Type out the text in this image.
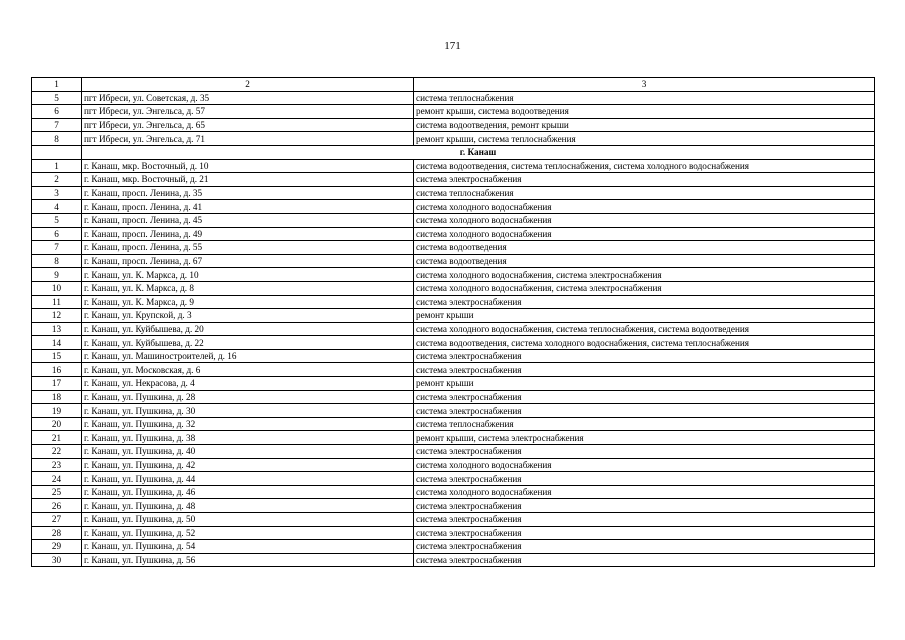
171
1	2	3
5	пгт Ибреси, ул. Советская, д. 35	система теплоснабжения
6	пгт Ибреси, ул. Энгельса, д. 57	ремонт крыши, система водоотведения
7	пгт Ибреси, ул. Энгельса, д. 65	система водоотведения, ремонт крыши
8	пгт Ибреси, ул. Энгельса, д. 71	ремонт крыши, система теплоснабжения
	г. Канаш	
1	г. Канаш, мкр. Восточный, д. 10	система водоотведения, система теплоснабжения, система холодного водоснабжения
2	г. Канаш, мкр. Восточный, д. 21	система электроснабжения
3	г. Канаш, просп. Ленина, д. 35	система теплоснабжения
4	г. Канаш, просп. Ленина, д. 41	система холодного водоснабжения
5	г. Канаш, просп. Ленина, д. 45	система холодного водоснабжения
6	г. Канаш, просп. Ленина, д. 49	система холодного водоснабжения
7	г. Канаш, просп. Ленина, д. 55	система водоотведения
8	г. Канаш, просп. Ленина, д. 67	система водоотведения
9	г. Канаш, ул. К. Маркса, д. 10	система холодного водоснабжения, система электроснабжения
10	г. Канаш, ул. К. Маркса, д. 8	система холодного водоснабжения, система электроснабжения
11	г. Канаш, ул. К. Маркса, д. 9	система электроснабжения
12	г. Канаш, ул. Крупской, д. 3	ремонт крыши
13	г. Канаш, ул. Куйбышева, д. 20	система холодного водоснабжения, система теплоснабжения, система водоотведения
14	г. Канаш, ул. Куйбышева, д. 22	система водоотведения, система холодного водоснабжения, система теплоснабжения
15	г. Канаш, ул. Машиностроителей, д. 16	система электроснабжения
16	г. Канаш, ул. Московская, д. 6	система электроснабжения
17	г. Канаш, ул. Некрасова, д. 4	ремонт крыши
18	г. Канаш, ул. Пушкина, д. 28	система электроснабжения
19	г. Канаш, ул. Пушкина, д. 30	система электроснабжения
20	г. Канаш, ул. Пушкина, д. 32	система теплоснабжения
21	г. Канаш, ул. Пушкина, д. 38	ремонт крыши, система электроснабжения
22	г. Канаш, ул. Пушкина, д. 40	система электроснабжения
23	г. Канаш, ул. Пушкина, д. 42	система холодного водоснабжения
24	г. Канаш, ул. Пушкина, д. 44	система электроснабжения
25	г. Канаш, ул. Пушкина, д. 46	система холодного водоснабжения
26	г. Канаш, ул. Пушкина, д. 48	система электроснабжения
27	г. Канаш, ул. Пушкина, д. 50	система электроснабжения
28	г. Канаш, ул. Пушкина, д. 52	система электроснабжения
29	г. Канаш, ул. Пушкина, д. 54	система электроснабжения
30	г. Канаш, ул. Пушкина, д. 56	система электроснабжения
